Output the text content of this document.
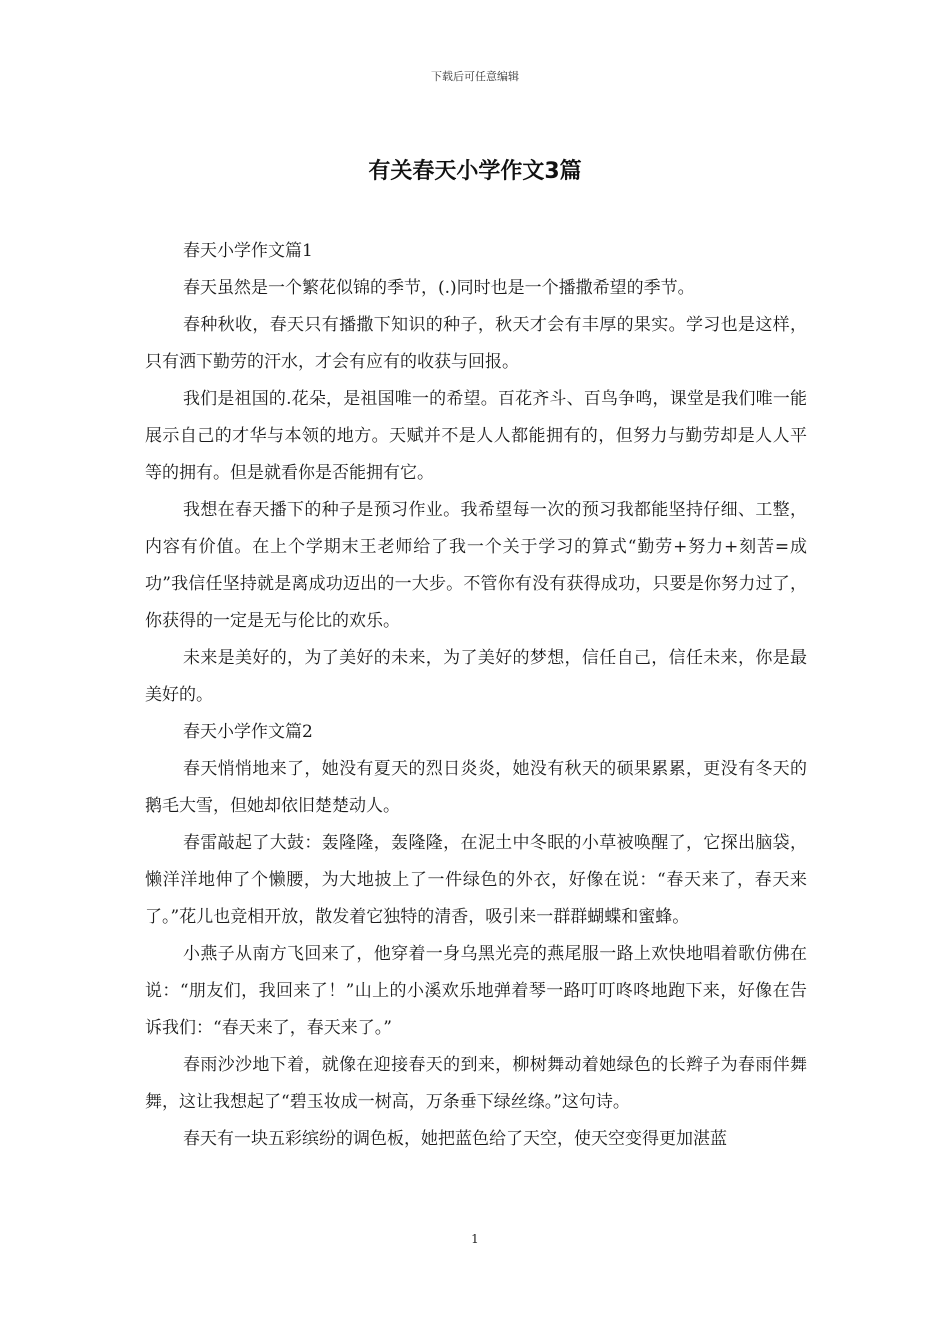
下载后可任意编辑
有关春天小学作文3篇

春天小学作文篇1

春天虽然是一个繁花似锦的季节，(.)同时也是一个播撒希望的季节。

春种秋收，春天只有播撒下知识的种子，秋天才会有丰厚的果实。学习也是这样，只有洒下勤劳的汗水，才会有应有的收获与回报。

我们是祖国的.花朵，是祖国唯一的希望。百花齐斗、百鸟争鸣，课堂是我们唯一能展示自己的才华与本领的地方。天赋并不是人人都能拥有的，但努力与勤劳却是人人平等的拥有。但是就看你是否能拥有它。

我想在春天播下的种子是预习作业。我希望每一次的预习我都能坚持仔细、工整，内容有价值。在上个学期末王老师给了我一个关于学习的算式“勤劳+努力+刻苦=成功”我信任坚持就是离成功迈出的一大步。不管你有没有获得成功，只要是你努力过了，你获得的一定是无与伦比的欢乐。

未来是美好的，为了美好的未来，为了美好的梦想，信任自己，信任未来，你是最美好的。

春天小学作文篇2

春天悄悄地来了，她没有夏天的烈日炎炎，她没有秋天的硕果累累，更没有冬天的鹅毛大雪，但她却依旧楚楚动人。

春雷敲起了大鼓：轰隆隆，轰隆隆，在泥土中冬眠的小草被唤醒了，它探出脑袋，懒洋洋地伸了个懒腰，为大地披上了一件绿色的外衣，好像在说：“春天来了，春天来了。”花儿也竞相开放，散发着它独特的清香，吸引来一群群蝴蝶和蜜蜂。

小燕子从南方飞回来了，他穿着一身乌黑光亮的燕尾服一路上欢快地唱着歌仿佛在说：“朋友们，我回来了！”山上的小溪欢乐地弹着琴一路叮叮咚咚地跑下来，好像在告诉我们：“春天来了，春天来了。”

春雨沙沙地下着，就像在迎接春天的到来，柳树舞动着她绿色的长辫子为春雨伴舞舞，这让我想起了“碧玉妆成一树高，万条垂下绿丝绦。”这句诗。

春天有一块五彩缤纷的调色板，她把蓝色给了天空，使天空变得更加湛蓝

1
